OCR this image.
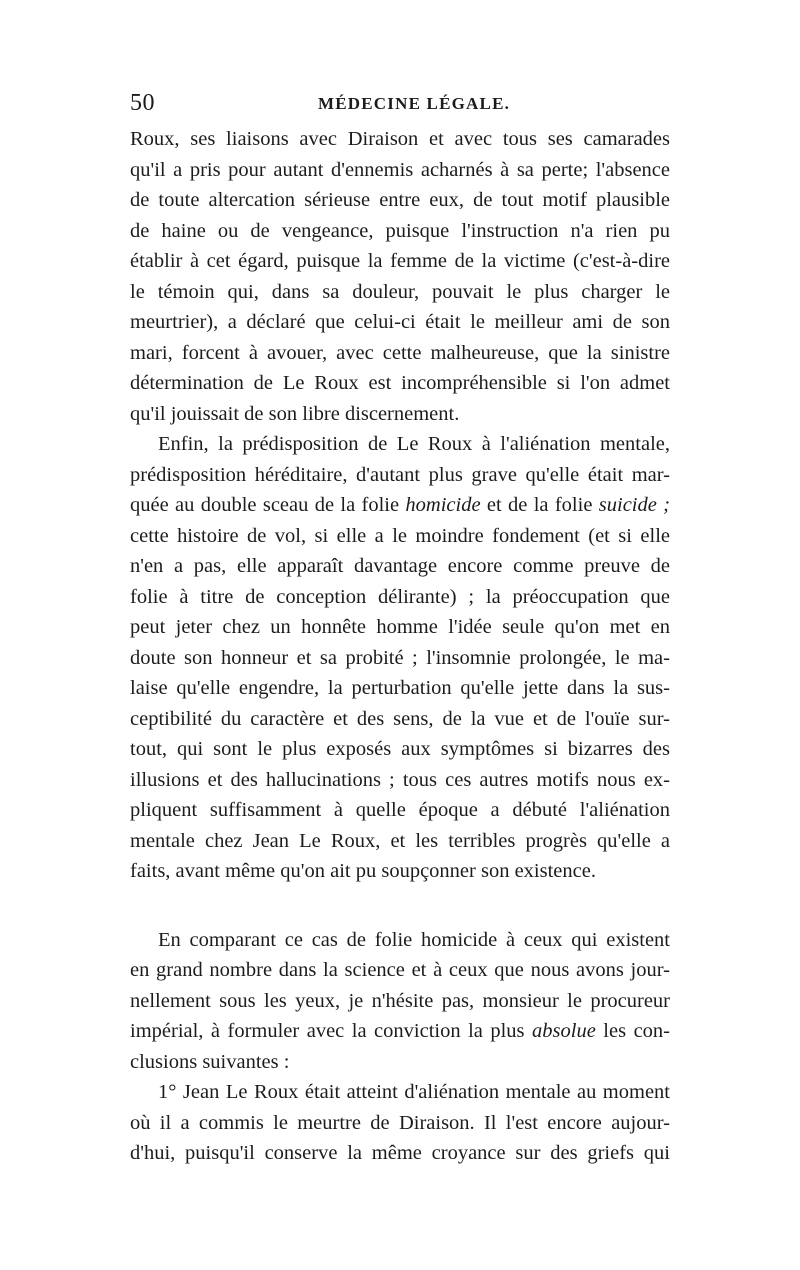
50	MÉDECINE LÉGALE.

Roux, ses liaisons avec Diraison et avec tous ses camarades

qu'il a pris pour autant d'ennemis acharnés à sa perte; l'absence

de toute altercation sérieuse entre eux, de tout motif plausible

de haine ou de vengeance, puisque l'instruction n'a rien pu

établir à cet égard, puisque la femme de la victime (c'est-à-dire

le témoin qui, dans sa douleur, pouvait le plus charger le

meurtrier), a déclaré que celui-ci était le meilleur ami de son

mari, forcent à avouer, avec cette malheureuse, que la sinistre

détermination de Le Roux est incompréhensible si l'on admet

qu'il jouissait de son libre discernement.

Enfin, la prédisposition de Le Roux à l'aliénation mentale,

prédisposition héréditaire, d'autant plus grave qu'elle était mar-

quée au double sceau de la folie homicide et de la folie suicide ;

cette histoire de vol, si elle a le moindre fondement (et si elle

n'en a pas, elle apparaît davantage encore comme preuve de

folie à titre de conception délirante) ; la préoccupation que

peut jeter chez un honnête homme l'idée seule qu'on met en

doute son honneur et sa probité ; l'insomnie prolongée, le ma-

laise qu'elle engendre, la perturbation qu'elle jette dans la sus-

ceptibilité du caractère et des sens, de la vue et de l'ouïe sur-

tout, qui sont le plus exposés aux symptômes si bizarres des

illusions et des hallucinations ; tous ces autres motifs nous ex-

pliquent suffisamment à quelle époque a débuté l'aliénation

mentale chez Jean Le Roux, et les terribles progrès qu'elle a

faits, avant même qu'on ait pu soupçonner son existence.

En comparant ce cas de folie homicide à ceux qui existent

en grand nombre dans la science et à ceux que nous avons jour-

nellement sous les yeux, je n'hésite pas, monsieur le procureur

impérial, à formuler avec la conviction la plus absolue les con-

clusions suivantes :

1° Jean Le Roux était atteint d'aliénation mentale au moment

où il a commis le meurtre de Diraison. Il l'est encore aujour-

d'hui, puisqu'il conserve la même croyance sur des griefs qui
